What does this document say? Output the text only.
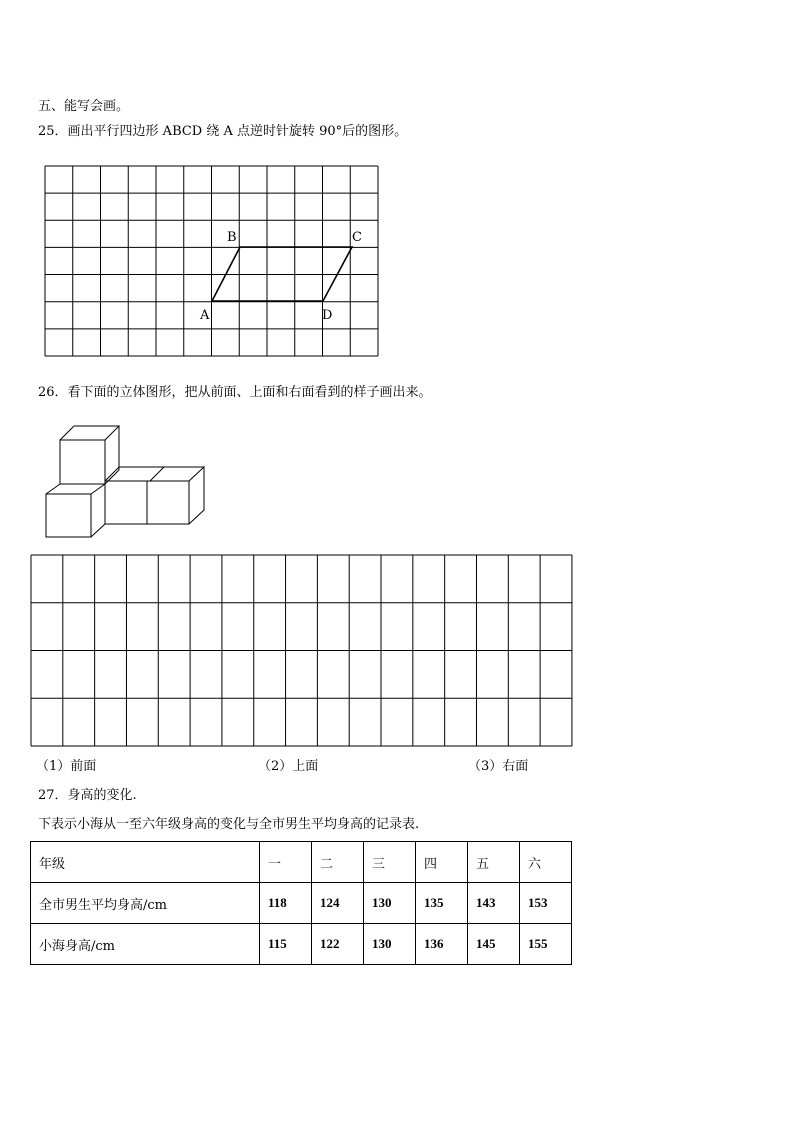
五、能写会画。
25．画出平行四边形 ABCD 绕 A 点逆时针旋转 90°后的图形。
A
B	C
D
26．看下面的立体图形，把从前面、上面和右面看到的样子画出来。
（1）前面	（2）上面	（3）右面
27．身高的变化.
下表示小海从一至六年级身高的变化与全市男生平均身高的记录表.
年级	一	二	三	四	五	六
全市男生平均身高/cm	118	124	130	135	143	153
小海身高/cm	115	122	130	136	145	155
